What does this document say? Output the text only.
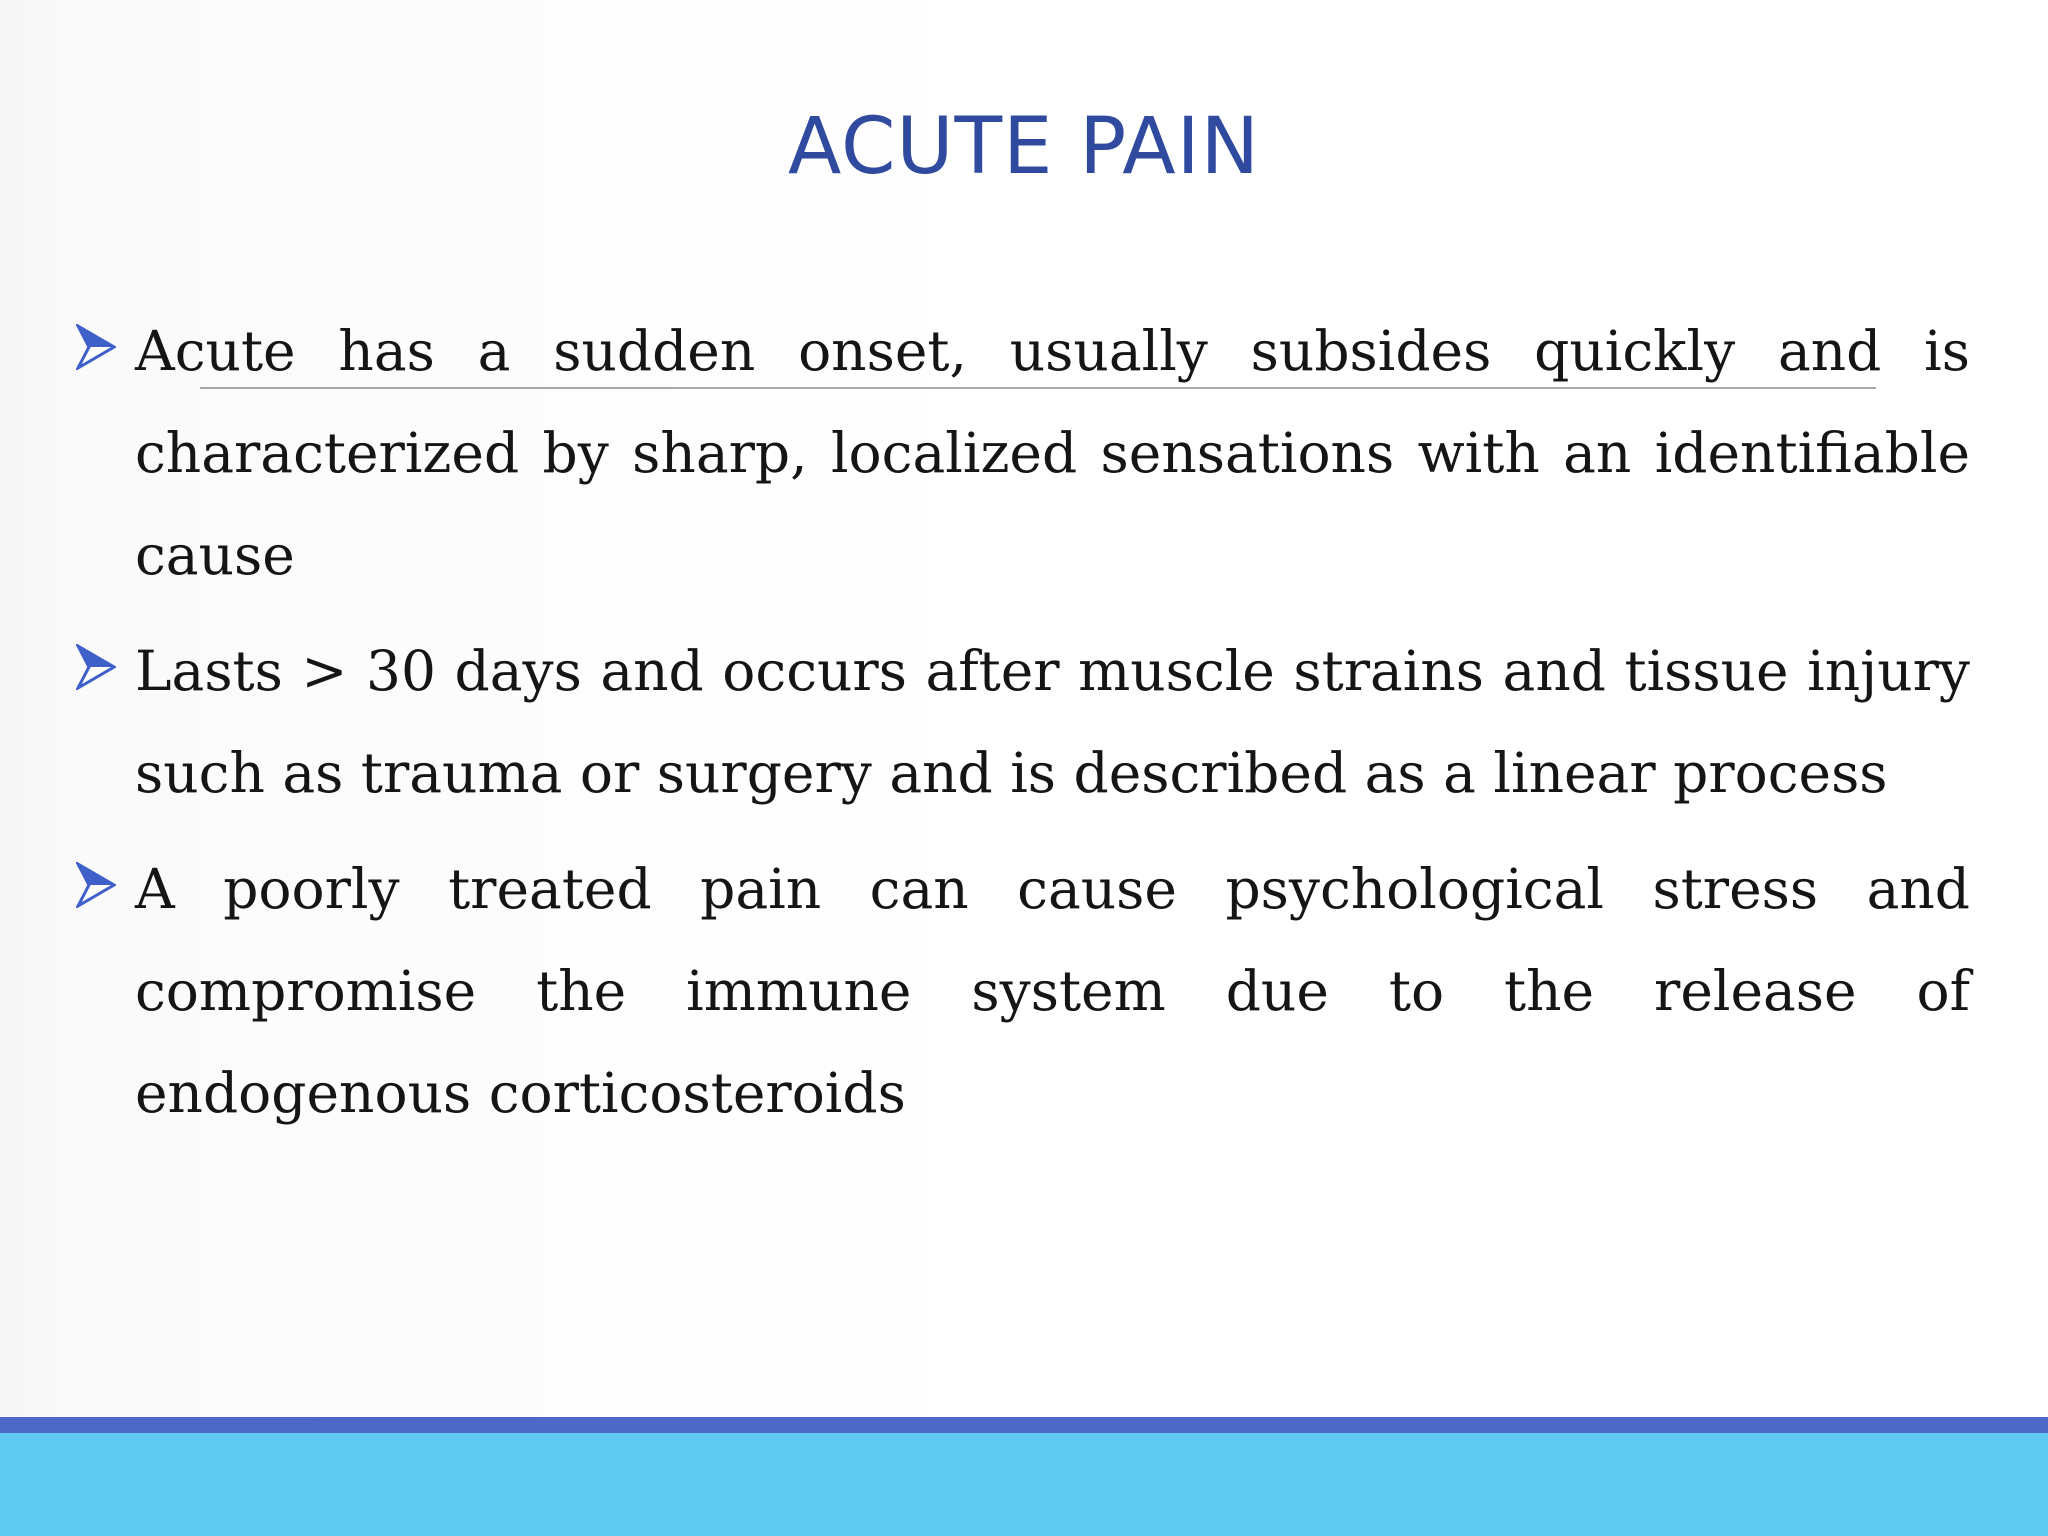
ACUTE PAIN
Acute has a sudden onset, usually subsides quickly and is characterized by sharp, localized sensations with an identifiable cause
Lasts > 30 days and occurs after muscle strains and tissue injury such as trauma or surgery and is described as a linear process
A poorly treated pain can cause psychological stress and compromise the immune system due to the release of endogenous corticosteroids
